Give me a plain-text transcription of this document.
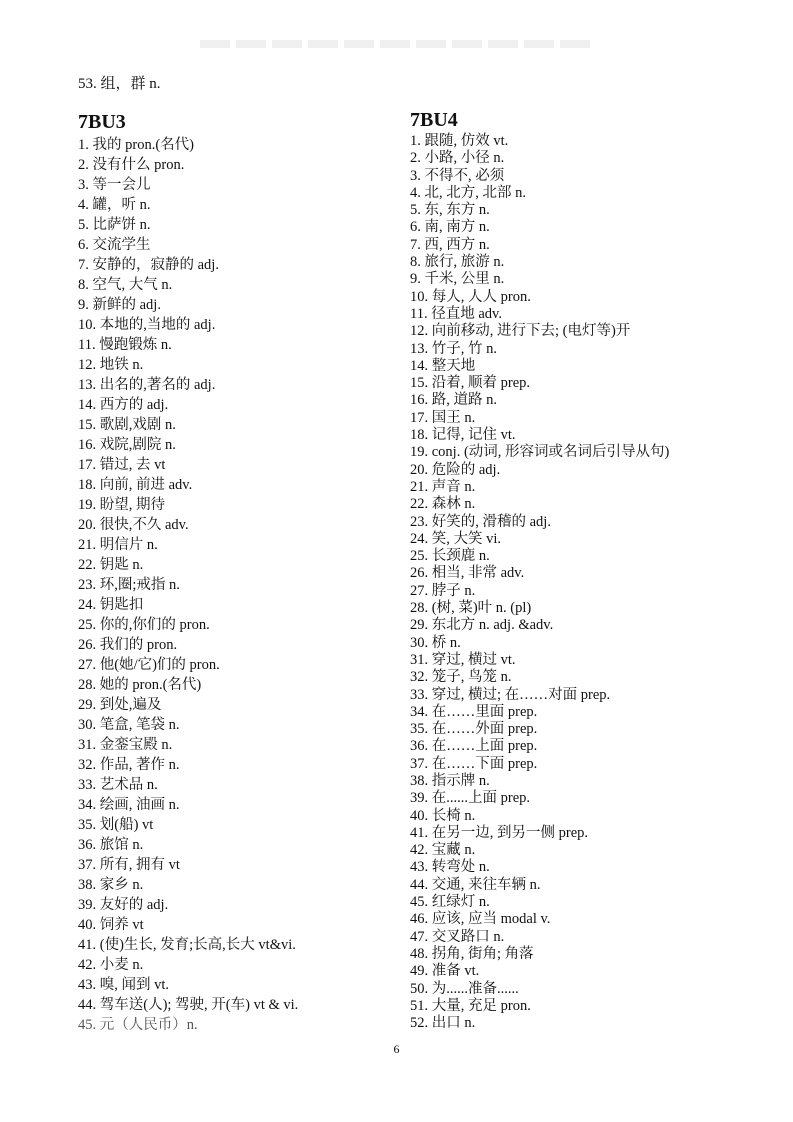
53. 组，群 n.
7BU3
1. 我的 pron.(名代)
2. 没有什么 pron.
3. 等一会儿
4. 罐，听 n.
5. 比萨饼 n.
6. 交流学生
7. 安静的，寂静的 adj.
8. 空气, 大气 n.
9. 新鲜的 adj.
10. 本地的,当地的 adj.
11. 慢跑锻炼 n.
12. 地铁 n.
13. 出名的,著名的 adj.
14. 西方的 adj.
15. 歌剧,戏剧 n.
16. 戏院,剧院 n.
17. 错过, 去 vt
18. 向前, 前进 adv.
19. 盼望, 期待
20. 很快,不久 adv.
21. 明信片 n.
22. 钥匙 n.
23. 环,圈;戒指 n.
24. 钥匙扣
25. 你的,你们的 pron.
26. 我们的 pron.
27. 他(她/它)们的 pron.
28. 她的 pron.(名代)
29. 到处,遍及
30. 笔盒, 笔袋 n.
31. 金銮宝殿 n.
32. 作品, 著作 n.
33. 艺术品 n.
34. 绘画, 油画 n.
35. 划(船) vt
36. 旅馆 n.
37. 所有, 拥有 vt
38. 家乡 n.
39. 友好的 adj.
40. 饲养 vt
41. (使)生长, 发育;长高,长大 vt&vi.
42. 小麦 n.
43. 嗅, 闻到 vt.
44. 驾车送(人); 驾驶, 开(车) vt & vi.
45. 元（人民币）n.
7BU4
1. 跟随, 仿效 vt.
2. 小路, 小径 n.
3. 不得不, 必须
4. 北, 北方, 北部 n.
5. 东, 东方 n.
6. 南, 南方 n.
7. 西, 西方 n.
8. 旅行, 旅游 n.
9. 千米, 公里 n.
10. 每人, 人人 pron.
11. 径直地 adv.
12. 向前移动, 进行下去; (电灯等)开
13. 竹子, 竹 n.
14. 整天地
15. 沿着, 顺着 prep.
16. 路, 道路 n.
17. 国王 n.
18. 记得, 记住 vt.
19. conj. (动词, 形容词或名词后引导从句)
20. 危险的 adj.
21. 声音 n.
22. 森林 n.
23. 好笑的, 滑稽的 adj.
24. 笑, 大笑 vi.
25. 长颈鹿 n.
26. 相当, 非常 adv.
27. 脖子 n.
28. (树, 菜)叶 n. (pl)
29. 东北方 n. adj. &adv.
30. 桥 n.
31. 穿过, 横过 vt.
32. 笼子, 鸟笼 n.
33. 穿过, 横过; 在……对面 prep.
34. 在……里面 prep.
35. 在……外面 prep.
36. 在……上面 prep.
37. 在……下面 prep.
38. 指示牌 n.
39. 在......上面 prep.
40. 长椅 n.
41. 在另一边, 到另一侧 prep.
42. 宝藏 n.
43. 转弯处 n.
44. 交通, 来往车辆 n.
45. 红绿灯 n.
46. 应该, 应当 modal v.
47. 交叉路口 n.
48. 拐角, 街角; 角落
49. 准备 vt.
50. 为......准备......
51. 大量, 充足 pron.
52. 出口 n.
6
